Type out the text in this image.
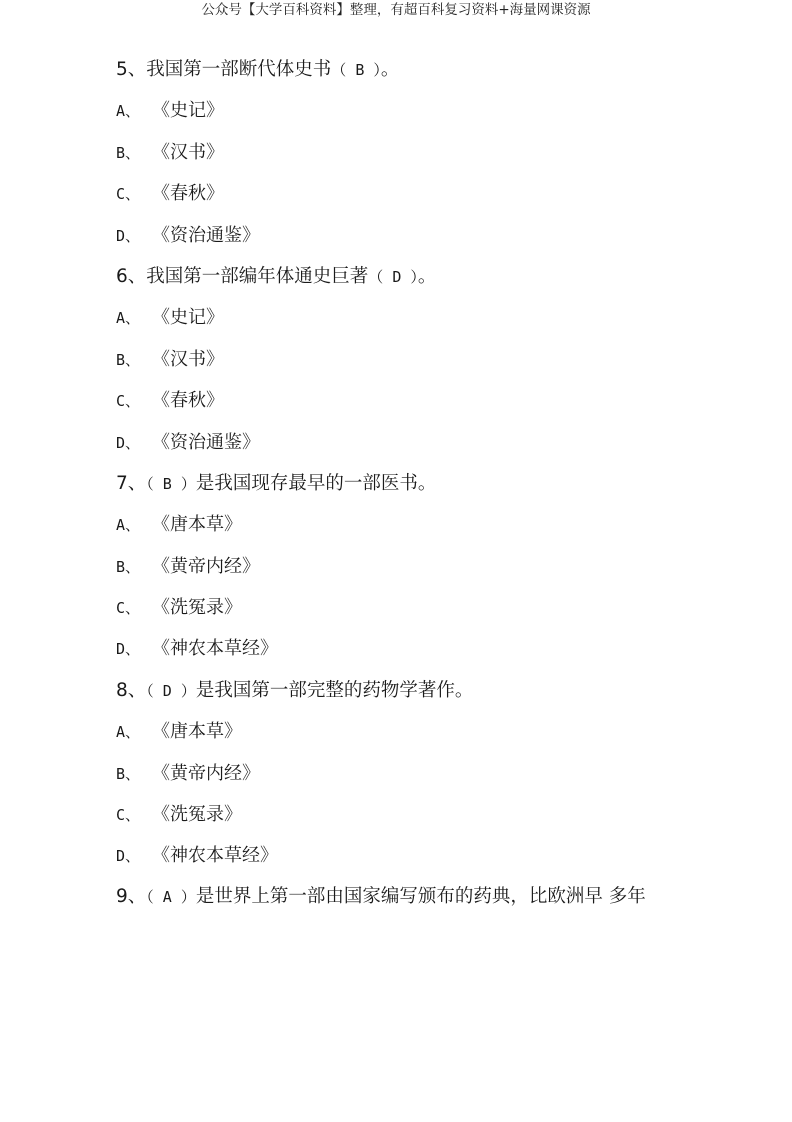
公众号【大学百科资料】整理，有超百科复习资料+海量网课资源
5、我国第一部断代体史书（ B ）。
A、 《史记》
B、 《汉书》
C、 《春秋》
D、 《资治通鉴》
6、我国第一部编年体通史巨著（ D ）。
A、 《史记》
B、 《汉书》
C、 《春秋》
D、 《资治通鉴》
7、（ B ）是我国现存最早的一部医书。
A、 《唐本草》
B、 《黄帝内经》
C、 《洗冤录》
D、 《神农本草经》
8、（ D ）是我国第一部完整的药物学著作。
A、 《唐本草》
B、 《黄帝内经》
C、 《洗冤录》
D、 《神农本草经》
9、（ A ）是世界上第一部由国家编写颁布的药典，比欧洲早 多年
